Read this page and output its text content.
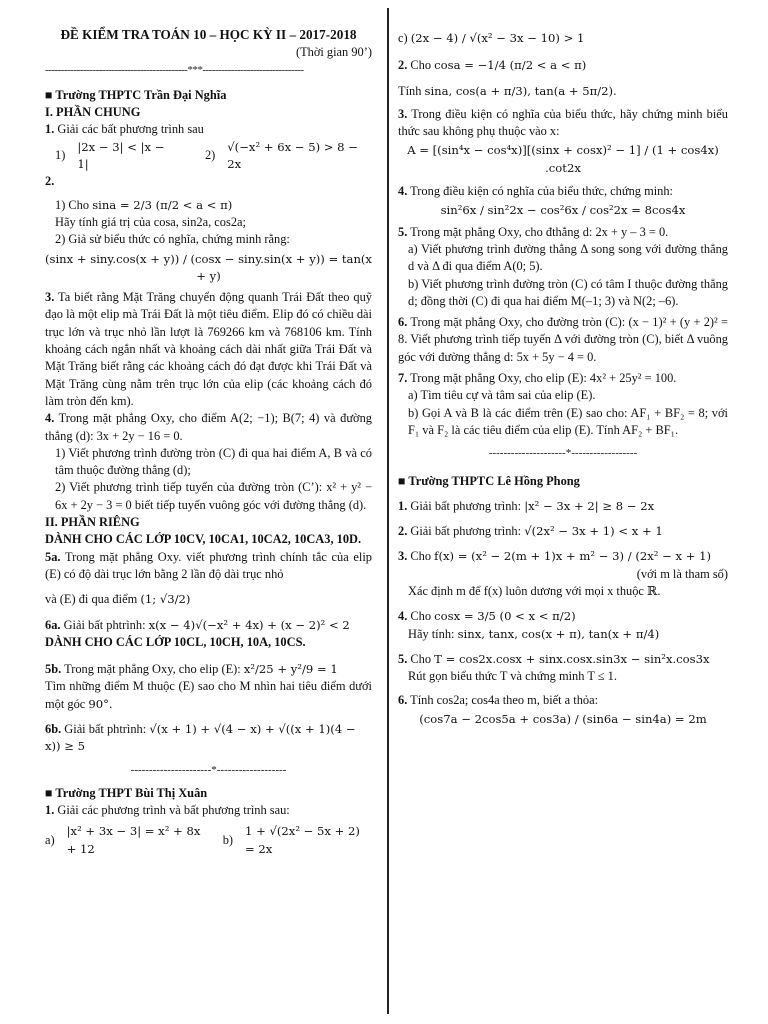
ĐỀ KIỂM TRA TOÁN 10 – HỌC KỲ II – 2017-2018
(Thời gian 90’)
---------------------------------------------***--------------------------------
■ Trường THPTC Trần Đại Nghĩa
I. PHẦN CHUNG
1. Giải các bất phương trình sau
1)
|2x − 3| < |x − 1|
2)
√(−x² + 6x − 5) > 8 − 2x
2.
1) Cho sina = 2/3 (π/2 < a < π)
Hãy tính giá trị của cosa, sin2a, cos2a;
2) Giả sử biểu thức có nghĩa, chứng minh rằng:
(sinx + siny.cos(x + y)) / (cosx − siny.sin(x + y)) = tan(x + y)
3. Ta biết rằng Mặt Trăng chuyển động quanh Trái Đất theo quỹ đạo là một elip mà Trái Đất là một tiêu điểm. Elip đó có chiều dài trục lớn và trục nhỏ lần lượt là 769266 km và 768106 km. Tính khoảng cách ngắn nhất và khoảng cách dài nhất giữa Trái Đất và Mặt Trăng biết rằng các khoảng cách đó đạt được khi Trái Đất và Mặt Trăng cùng nằm trên trục lớn của elip (các khoảng cách đó làm tròn đến km).
4. Trong mặt phẳng Oxy, cho điểm A(2; −1); B(7; 4) và đường thẳng (d): 3x + 2y − 16 = 0.
1) Viết phương trình đường tròn (C) đi qua hai điểm A, B và có tâm thuộc đường thẳng (d);
2) Viết phương trình tiếp tuyến của đường tròn (C’): x² + y² − 6x + 2y − 3 = 0 biết tiếp tuyến vuông góc với đường thẳng (d).
II. PHẦN RIÊNG
DÀNH CHO CÁC LỚP 10CV, 10CA1, 10CA2, 10CA3, 10D.
5a. Trong mặt phẳng Oxy. viết phương trình chính tắc của elip (E) có độ dài trục lớn bằng 2 lần độ dài trục nhỏ
và (E) đi qua điểm (1; √3/2)
6a. Giải bất phtrình: x(x − 4)√(−x² + 4x) + (x − 2)² < 2
DÀNH CHO CÁC LỚP 10CL, 10CH, 10A, 10CS.
5b. Trong mặt phẳng Oxy, cho elip (E): x²/25 + y²/9 = 1
Tìm những điểm M thuộc (E) sao cho M nhìn hai tiêu điểm dưới một góc 90°.
6b. Giải bất phtrình: √(x + 1) + √(4 − x) + √((x + 1)(4 − x)) ≥ 5
----------------------*-------------------
■ Trường THPT Bùi Thị Xuân
1. Giải các phương trình và bất phương trình sau:
a)
|x² + 3x − 3| = x² + 8x + 12
b)
1 + √(2x² − 5x + 2) = 2x
c) (2x − 4) / √(x² − 3x − 10) > 1
2. Cho cosa = −1/4 (π/2 < a < π)
Tính sina, cos(a + π/3), tan(a + 5π/2).
3. Trong điều kiện có nghĩa của biểu thức, hãy chứng minh biểu thức sau không phụ thuộc vào x:
A = [(sin⁴x − cos⁴x)][(sinx + cosx)² − 1] / (1 + cos4x) .cot2x
4. Trong điều kiện có nghĩa của biểu thức, chứng minh:
sin²6x / sin²2x − cos²6x / cos²2x = 8cos4x
5. Trong mặt phẳng Oxy, cho đthẳng d: 2x + y – 3 = 0.
a) Viết phương trình đường thẳng Δ song song với đường thẳng d và Δ đi qua điểm A(0; 5).
b) Viết phương trình đường tròn (C) có tâm I thuộc đường thẳng d; đồng thời (C) đi qua hai điểm M(–1; 3) và N(2; –6).
6. Trong mặt phẳng Oxy, cho đường tròn (C): (x − 1)² + (y + 2)² = 8. Viết phương trình tiếp tuyến Δ với đường tròn (C), biết Δ vuông góc với đường thẳng d: 5x + 5y − 4 = 0.
7. Trong mặt phẳng Oxy, cho elip (E): 4x² + 25y² = 100.
a) Tìm tiêu cự và tâm sai của elip (E).
b) Gọi A và B là các điểm trên (E) sao cho: AF₁ + BF₂ = 8; với F₁ và F₂ là các tiêu điểm của elip (E). Tính AF₂ + BF₁.
---------------------*------------------
■ Trường THPTC Lê Hồng Phong
1. Giải bất phương trình: |x² − 3x + 2| ≥ 8 − 2x
2. Giải bất phương trình: √(2x² − 3x + 1) < x + 1
3. Cho f(x) = (x² − 2(m + 1)x + m² − 3) / (2x² − x + 1)
(với m là tham số)
Xác định m để f(x) luôn dương với mọi x thuộc ℝ.
4. Cho cosx = 3/5 (0 < x < π/2)
Hãy tính: sinx, tanx, cos(x + π), tan(x + π/4)
5. Cho T = cos2x.cosx + sinx.cosx.sin3x − sin²x.cos3x
Rút gọn biểu thức T và chứng minh T ≤ 1.
6. Tính cos2a; cos4a theo m, biết a thỏa:
(cos7a − 2cos5a + cos3a) / (sin6a − sin4a) = 2m
